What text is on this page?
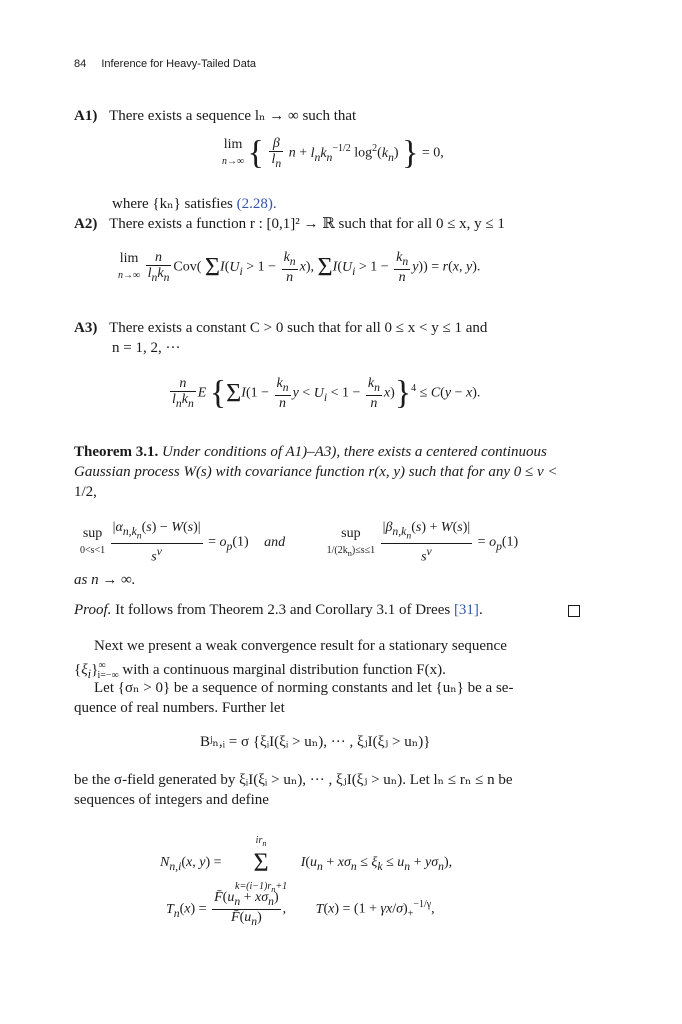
84 Inference for Heavy-Tailed Data
A1) There exists a sequence lₙ → ∞ such that
lim
n→∞ { $\frac{\beta}{l_n}$ $n + l_nk_n^{-1/2}$ $\log^2(k_n)$ } = 0,
where {kₙ} satisfies (2.28).
A2) There exists a function r : [0,1]² → ℝ such that for all 0 ≤ x, y ≤ 1
lim
$n\to\infty \frac{n}{l_nk_n} Cov$( $\Sigma I(U_i > 1 - \frac{k_n}{n} x)$, $\Sigma I(U_i > 1 - \frac{k_n}{n} y)) = r(x$, y).
A3) There exists a constant C > 0 such that for all 0 ≤ x < y ≤ 1 and
n = 1, 2, ···
$\frac{n}{l_nk_n}$ E {$\Sigma I(1 - \frac{k_n}{n}$ $y < U_i < 1 - \frac{k_n}{n} x)\}^4 \le C(y - x)$.
Theorem 3.1. Under conditions of A1)–A3), there exists a centered continuous
Gaussian process W(s) with covariance function r(x, y) such that for any 0 ≤ ν <
1/2,
sup
$0<s<1 \frac{|\alpha_{n,k_n}(s) - W(s)|}{s^\nu} = o_p(1)$ and sup
$1/(2k_n)\le s\le 1 \frac{|\beta_{n,k_n}(s) + W(s)|}{s^\nu} = o_p(1)$
as n → ∞.
Proof. It follows from Theorem 2.3 and Corollary 3.1 of Drees [31].
Next we present a weak convergence result for a stationary sequence
$\{\xi_i\}^\infty_{i=-\infty}$ with a continuous marginal distribution function F(x).
Let {σₙ > 0} be a sequence of norming constants and let {uₙ} be a se-
quence of real numbers. Further let
Bʲₙ,ᵢ = σ {ξᵢI(ξᵢ > uₙ), ··· , ξⱼI(ξⱼ > uₙ)}
be the σ-field generated by ξᵢI(ξᵢ > uₙ), ··· , ξⱼI(ξⱼ > uₙ). Let lₙ ≤ rₙ ≤ n be
sequences of integers and define
$N_{n,i}(x$, $y) = ir_n$
Σ
$k=(i-1)r_n+1$ $I(u_n + x\sigma_n \le \xi_k \le u_n + y\sigma_n)$,
$T_n(x) = \frac{F̄(u_n + x\sigma_n)}{F̄(u_n)}$ , $T(x) = (1 + \gamma x/\sigma)_+^{-1/\gamma}$,
